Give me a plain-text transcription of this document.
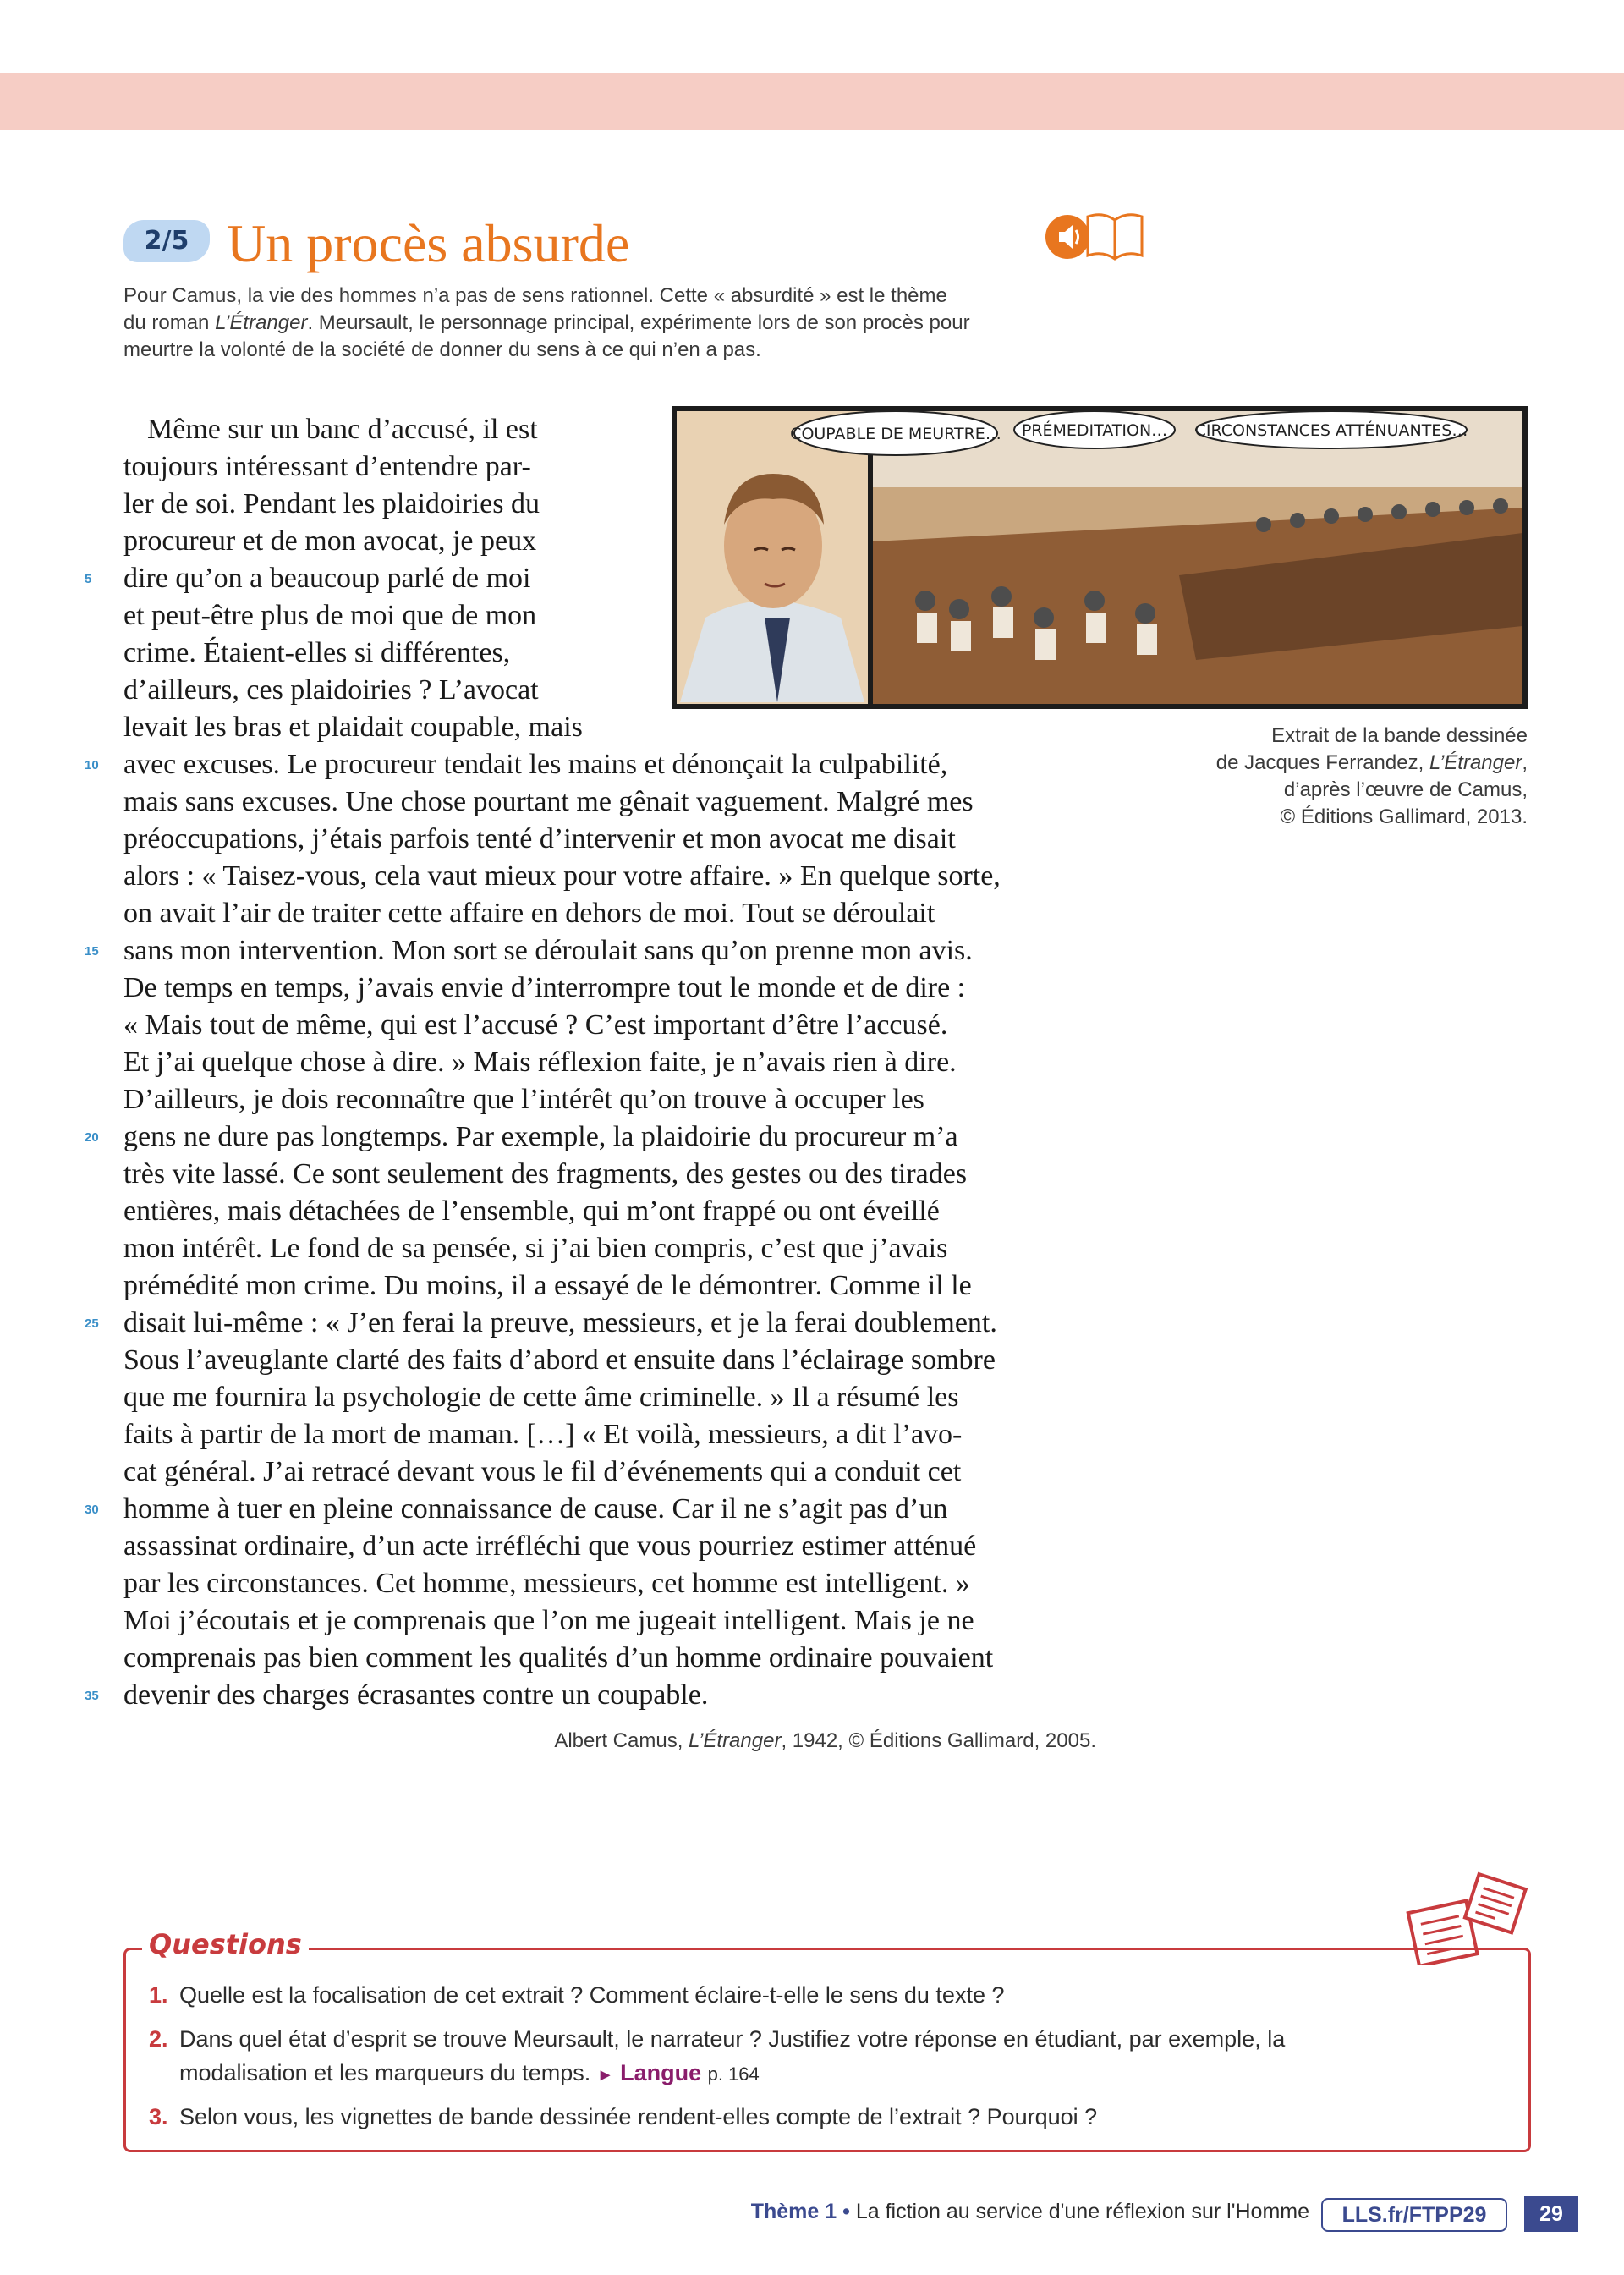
2/5 Un procès absurde
Pour Camus, la vie des hommes n’a pas de sens rationnel. Cette « absurdité » est le thème
du roman L’Étranger. Meursault, le personnage principal, expérimente lors de son procès pour
meurtre la volonté de la société de donner du sens à ce qui n’en a pas.
COUPABLE DE MEURTRE… PRÉMEDITATION… CIRCONSTANCES ATTÉNUANTES…
Extrait de la bande dessinée
de Jacques Ferrandez, L’Étranger,
d’après l’œuvre de Camus,
© Éditions Gallimard, 2013.
Même sur un banc d’accusé, il est
toujours intéressant d’entendre par-
ler de soi. Pendant les plaidoiries du
procureur et de mon avocat, je peux
dire qu’on a beaucoup parlé de moi
et peut-être plus de moi que de mon
crime. Étaient-elles si différentes,
d’ailleurs, ces plaidoiries ? L’avocat
levait les bras et plaidait coupable, mais
avec excuses. Le procureur tendait les mains et dénonçait la culpabilité,
mais sans excuses. Une chose pourtant me gênait vaguement. Malgré mes
préoccupations, j’étais parfois tenté d’intervenir et mon avocat me disait
alors : « Taisez-vous, cela vaut mieux pour votre affaire. » En quelque sorte,
on avait l’air de traiter cette affaire en dehors de moi. Tout se déroulait
sans mon intervention. Mon sort se déroulait sans qu’on prenne mon avis.
De temps en temps, j’avais envie d’interrompre tout le monde et de dire :
« Mais tout de même, qui est l’accusé ? C’est important d’être l’accusé.
Et j’ai quelque chose à dire. » Mais réflexion faite, je n’avais rien à dire.
D’ailleurs, je dois reconnaître que l’intérêt qu’on trouve à occuper les
gens ne dure pas longtemps. Par exemple, la plaidoirie du procureur m’a
très vite lassé. Ce sont seulement des fragments, des gestes ou des tirades
entières, mais détachées de l’ensemble, qui m’ont frappé ou ont éveillé
mon intérêt. Le fond de sa pensée, si j’ai bien compris, c’est que j’avais
prémédité mon crime. Du moins, il a essayé de le démontrer. Comme il le
disait lui-même : « J’en ferai la preuve, messieurs, et je la ferai doublement.
Sous l’aveuglante clarté des faits d’abord et ensuite dans l’éclairage sombre
que me fournira la psychologie de cette âme criminelle. » Il a résumé les
faits à partir de la mort de maman. […] « Et voilà, messieurs, a dit l’avo-
cat général. J’ai retracé devant vous le fil d’événements qui a conduit cet
homme à tuer en pleine connaissance de cause. Car il ne s’agit pas d’un
assassinat ordinaire, d’un acte irréfléchi que vous pourriez estimer atténué
par les circonstances. Cet homme, messieurs, cet homme est intelligent. »
Moi j’écoutais et je comprenais que l’on me jugeait intelligent. Mais je ne
comprenais pas bien comment les qualités d’un homme ordinaire pouvaient
devenir des charges écrasantes contre un coupable.
5
10
15
20
25
30
35
Albert Camus, L’Étranger, 1942, © Éditions Gallimard, 2005.
Questions
1. Quelle est la focalisation de cet extrait ? Comment éclaire-t-elle le sens du texte ?
2. Dans quel état d’esprit se trouve Meursault, le narrateur ? Justifiez votre réponse en étudiant, par exemple, la
modalisation et les marqueurs du temps. ► Langue p. 164
3. Selon vous, les vignettes de bande dessinée rendent-elles compte de l’extrait ? Pourquoi ?
Thème 1 • La fiction au service d'une réflexion sur l'Homme	LLS.fr/FTPP29	29
